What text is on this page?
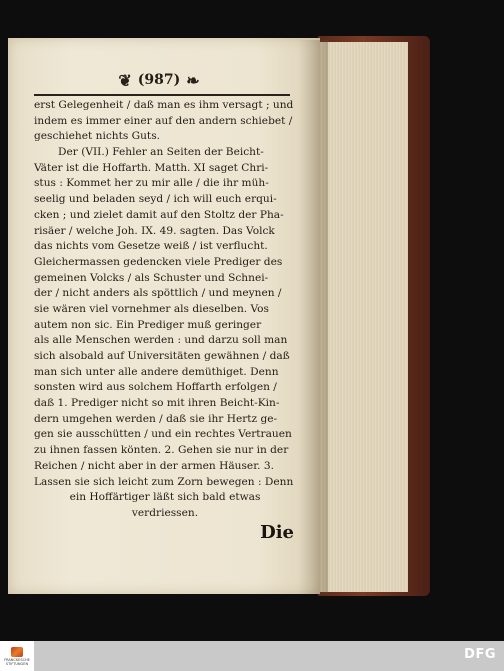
❦ (987) ❧
erst Gelegenheit / daß man es ihm versagt ; und
indem es immer einer auf den andern schiebet /
geschiehet nichts Guts.
Der (VII.) Fehler an Seiten der Beicht-
Väter ist die Hoffarth. Matth. XI saget Chri-
stus : Kommet her zu mir alle / die ihr müh-
seelig und beladen seyd / ich will euch erqui-
cken ; und zielet damit auf den Stoltz der Pha-
risäer / welche Joh. IX. 49. sagten. Das Volck
das nichts vom Gesetze weiß / ist verflucht.
Gleichermassen gedencken viele Prediger des
gemeinen Volcks / als Schuster und Schnei-
der / nicht anders als spöttlich / und meynen /
sie wären viel vornehmer als dieselben. Vos
autem non sic. Ein Prediger muß geringer
als alle Menschen werden : und darzu soll man
sich alsobald auf Universitäten gewähnen / daß
man sich unter alle andere demüthiget. Denn
sonsten wird aus solchem Hoffarth erfolgen /
daß 1. Prediger nicht so mit ihren Beicht-Kin-
dern umgehen werden / daß sie ihr Hertz ge-
gen sie ausschütten / und ein rechtes Vertrauen
zu ihnen fassen könten. 2. Gehen sie nur in der
Reichen / nicht aber in der armen Häuser. 3.
Lassen sie sich leicht zum Zorn bewegen : Denn
ein Hoffärtiger läßt sich bald etwas
verdriessen.
Die
FRANCKESCHE
STIFTUNGEN
DFG
